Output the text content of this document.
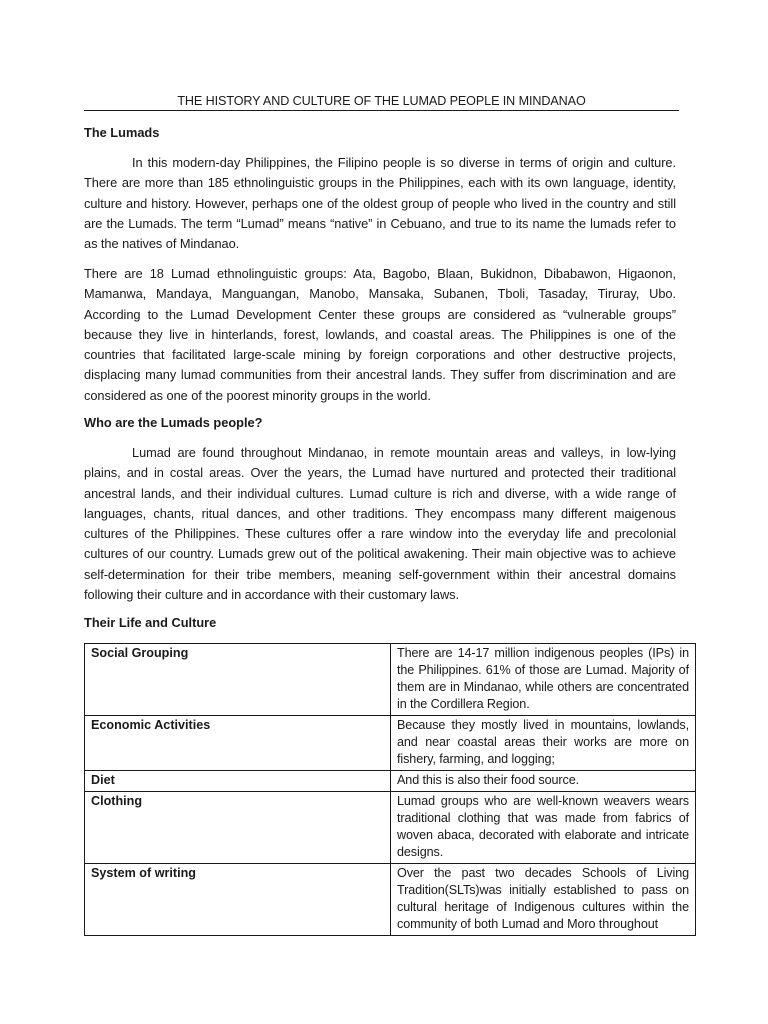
THE HISTORY AND CULTURE OF THE LUMAD PEOPLE IN MINDANAO
The Lumads
In this modern-day Philippines, the Filipino people is so diverse in terms of origin and culture. There are more than 185 ethnolinguistic groups in the Philippines, each with its own language, identity, culture and history. However, perhaps one of the oldest group of people who lived in the country and still are the Lumads. The term “Lumad” means “native” in Cebuano, and true to its name the lumads refer to as the natives of Mindanao.
There are 18 Lumad ethnolinguistic groups: Ata, Bagobo, Blaan, Bukidnon, Dibabawon, Higaonon, Mamanwa, Mandaya, Manguangan, Manobo, Mansaka, Subanen, Tboli, Tasaday, Tiruray, Ubo. According to the Lumad Development Center these groups are considered as “vulnerable groups” because they live in hinterlands, forest, lowlands, and coastal areas. The Philippines is one of the countries that facilitated large-scale mining by foreign corporations and other destructive projects, displacing many lumad communities from their ancestral lands. They suffer from discrimination and are considered as one of the poorest minority groups in the world.
Who are the Lumads people?
Lumad are found throughout Mindanao, in remote mountain areas and valleys, in low-lying plains, and in costal areas. Over the years, the Lumad have nurtured and protected their traditional ancestral lands, and their individual cultures. Lumad culture is rich and diverse, with a wide range of languages, chants, ritual dances, and other traditions. They encompass many different maigenous cultures of the Philippines. These cultures offer a rare window into the everyday life and precolonial cultures of our country. Lumads grew out of the political awakening. Their main objective was to achieve self-determination for their tribe members, meaning self-government within their ancestral domains following their culture and in accordance with their customary laws.
Their Life and Culture
Social Grouping	There are 14-17 million indigenous peoples (IPs) in the Philippines. 61% of those are Lumad. Majority of them are in Mindanao, while others are concentrated in the Cordillera Region.
Economic Activities	Because they mostly lived in mountains, lowlands, and near coastal areas their works are more on fishery, farming, and logging;
Diet	And this is also their food source.
Clothing	Lumad groups who are well-known weavers wears traditional clothing that was made from fabrics of woven abaca, decorated with elaborate and intricate designs.
System of writing	Over the past two decades Schools of Living Tradition(SLTs)was initially established to pass on cultural heritage of Indigenous cultures within the community of both Lumad and Moro throughout
